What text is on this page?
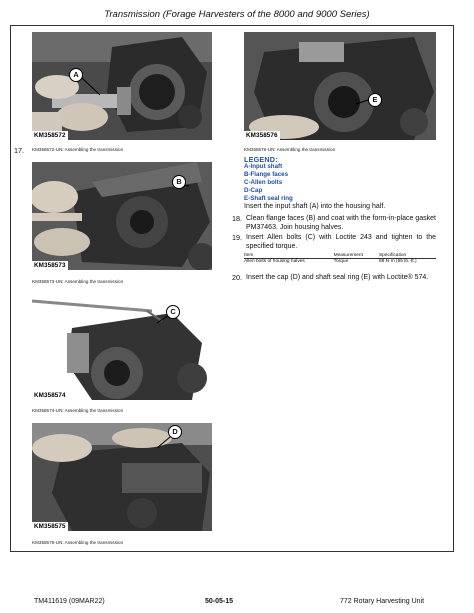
Transmission (Forage Harvesters of the 8000 and 9000 Series)
A
KM358572
KM358572-UN: Assembling the transmission
B
KM358573
KM358573-UN: Assembling the transmission
C
KM358574
KM358574-UN: Assembling the transmission
D
KM358575
KM358575-UN: Assembling the transmission
E
KM358576
KM358576-UN: Assembling the transmission
17.
LEGEND:
A-Input shaft
B-Flange faces
C-Allen bolts
D-Cap
E-Shaft seal ring
Insert the input shaft (A) into the housing half.
18. Clean flange faces (B) and coat with the form-in-place gasket PM37463. Join housing halves.
19. Insert Allen bolts (C) with Loctite 243 and tighten to the specified torque.
Item	Measurement	Specification
Allen bolts of housing halves	Torque	88 N·m (65 lb.-ft.)
20. Insert the cap (D) and shaft seal ring (E) with Loctite® 574.
TM411619 (09MAR22)	50-05-15	772 Rotary Harvesting Unit
